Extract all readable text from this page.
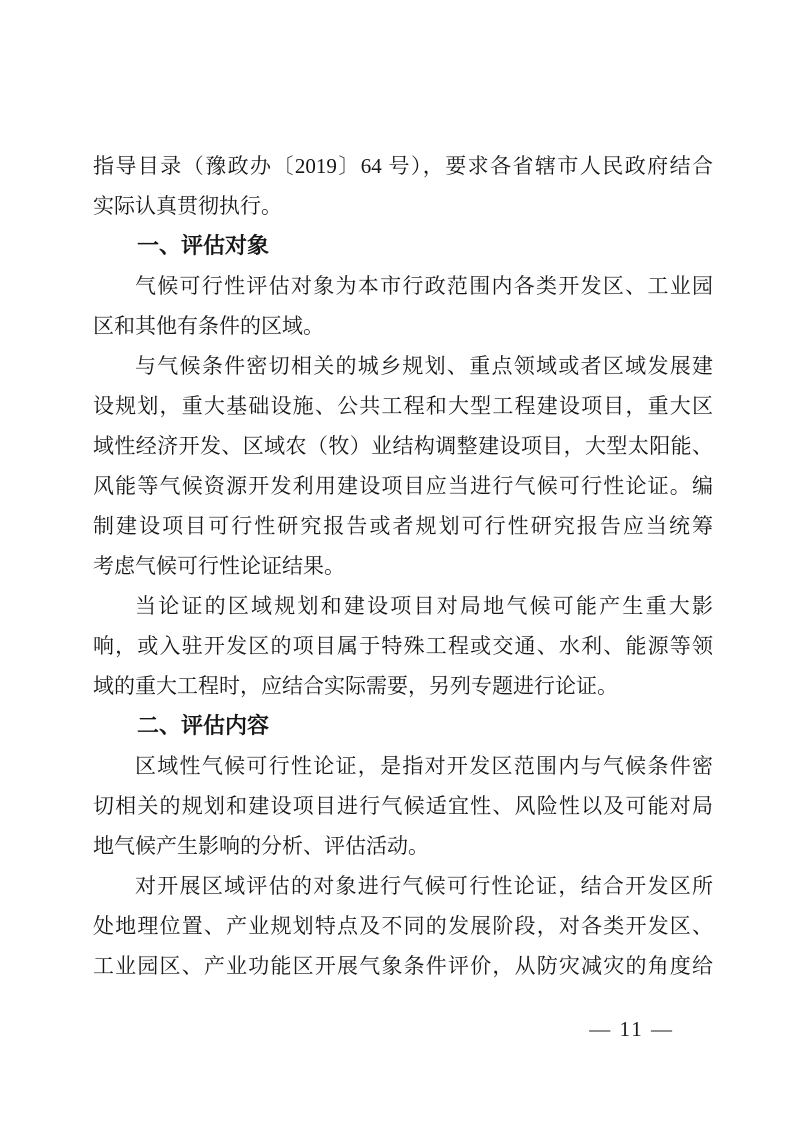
指导目录（豫政办〔2019〕64 号），要求各省辖市人民政府结合
实际认真贯彻执行。
一、评估对象
气候可行性评估对象为本市行政范围内各类开发区、工业园
区和其他有条件的区域。
与气候条件密切相关的城乡规划、重点领域或者区域发展建
设规划，重大基础设施、公共工程和大型工程建设项目，重大区
域性经济开发、区域农（牧）业结构调整建设项目，大型太阳能、
风能等气候资源开发利用建设项目应当进行气候可行性论证。编
制建设项目可行性研究报告或者规划可行性研究报告应当统筹
考虑气候可行性论证结果。
当论证的区域规划和建设项目对局地气候可能产生重大影
响，或入驻开发区的项目属于特殊工程或交通、水利、能源等领
域的重大工程时，应结合实际需要，另列专题进行论证。
二、评估内容
区域性气候可行性论证，是指对开发区范围内与气候条件密
切相关的规划和建设项目进行气候适宜性、风险性以及可能对局
地气候产生影响的分析、评估活动。
对开展区域评估的对象进行气候可行性论证，结合开发区所
处地理位置、产业规划特点及不同的发展阶段，对各类开发区、
工业园区、产业功能区开展气象条件评价，从防灾减灾的角度给
— 11 —
